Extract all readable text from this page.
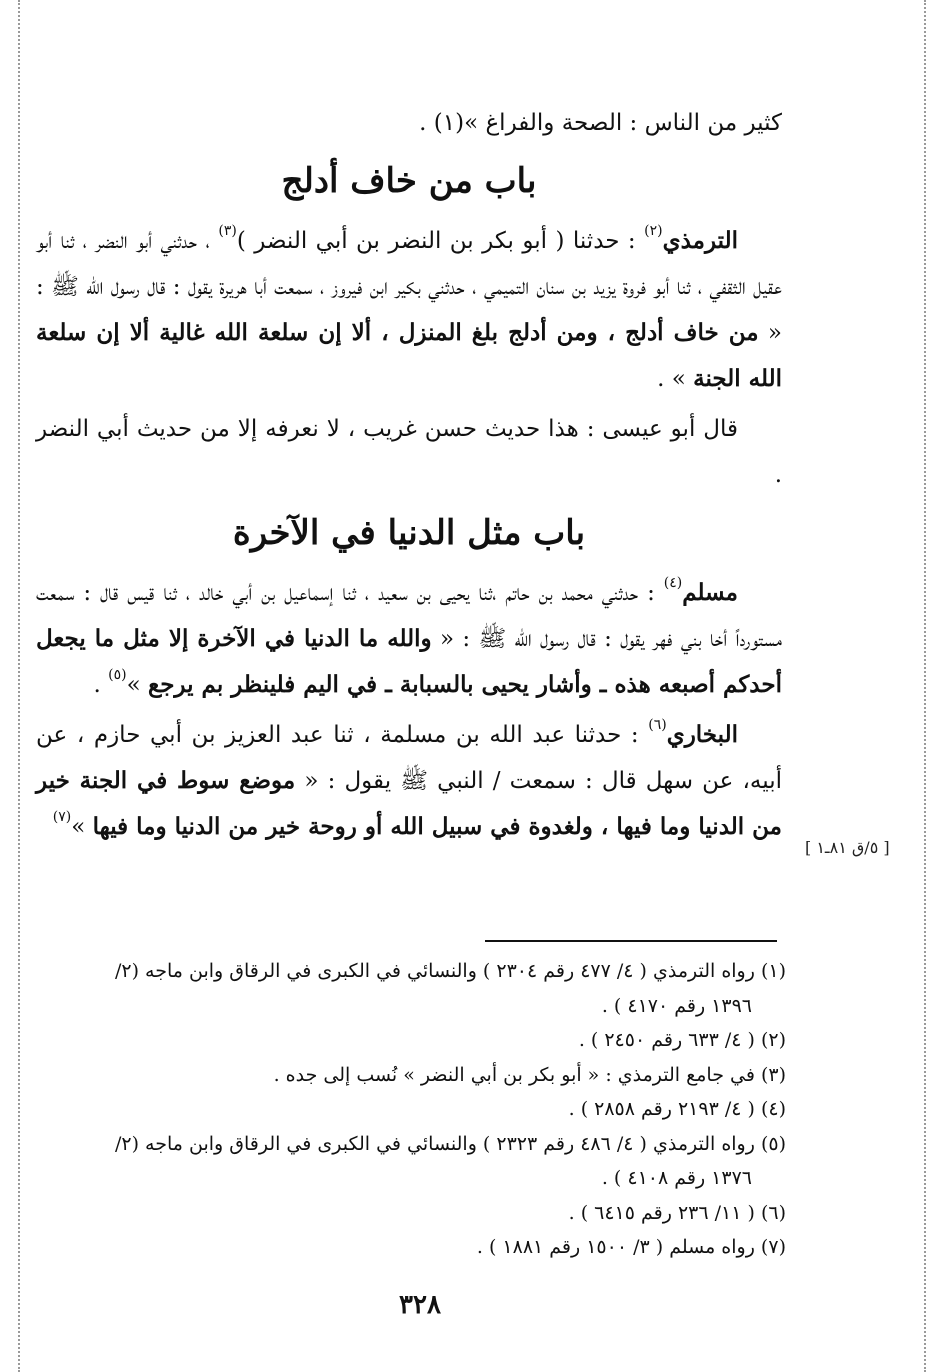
كثير من الناس : الصحة والفراغ »(١) .

باب من خاف أدلج

الترمذي$^{(٢)}$ : حدثنا ( أبو بكر بن النضر بن أبي النضر )$^{(٣)}$ ، حدثني أبو النضر ، ثنا أبو عقيل الثقفي ، ثنا أبو فروة يزيد بن سنان التميمي ، حدثني بكير ابن فيروز ، سمعت أبا هريرة يقول : قال رسول الله ﷺ : « من خاف أدلج ، ومن أدلج بلغ المنزل ، ألا إن سلعة الله غالية ألا إن سلعة الله الجنة » .

قال أبو عيسى : هذا حديث حسن غريب ، لا نعرفه إلا من حديث أبي النضر .

باب مثل الدنيا في الآخرة

مسلم$^{(٤)}$ : حدثني محمد بن حاتم ،ثنا يحيى بن سعيد ، ثنا إسماعيل بن أبي خالد ، ثنا قيس قال : سمعت مستورداً أخا بني فهر يقول : قال رسول الله ﷺ : « والله ما الدنيا في الآخرة إلا مثل ما يجعل أحدكم أصبعه هذه ـ وأشار يحيى بالسبابة ـ في اليم فلينظر بم يرجع »$^{(٥)}$ .

البخاري$^{(٦)}$ : حدثنا عبد الله بن مسلمة ، ثنا عبد العزيز بن أبي حازم ، عن أبيه، عن سهل قال : سمعت / النبي ﷺ يقول : « موضع سوط في الجنة خير من الدنيا وما فيها ، ولغدوة في سبيل الله أو روحة خير من الدنيا وما فيها »$^{(٧)}$

[ ٥/ق ٨١ـ١ ]

(١) رواه الترمذي ( ٤/ ٤٧٧ رقم ٢٣٠٤ ) والنسائي في الكبرى في الرقاق وابن ماجه (٢/

١٣٩٦ رقم ٤١٧٠ ) .

(٢) ( ٤/ ٦٣٣ رقم ٢٤٥٠ ) .

(٣) في جامع الترمذي : « أبو بكر بن أبي النضر » نُسب إلى جده .

(٤) ( ٤/ ٢١٩٣ رقم ٢٨٥٨ ) .

(٥) رواه الترمذي ( ٤/ ٤٨٦ رقم ٢٣٢٣ ) والنسائي في الكبرى في الرقاق وابن ماجه (٢/

١٣٧٦ رقم ٤١٠٨ ) .

(٦) ( ١١/ ٢٣٦ رقم ٦٤١٥ ) .

(٧) رواه مسلم ( ٣/ ١٥٠٠ رقم ١٨٨١ ) .

٣٢٨
